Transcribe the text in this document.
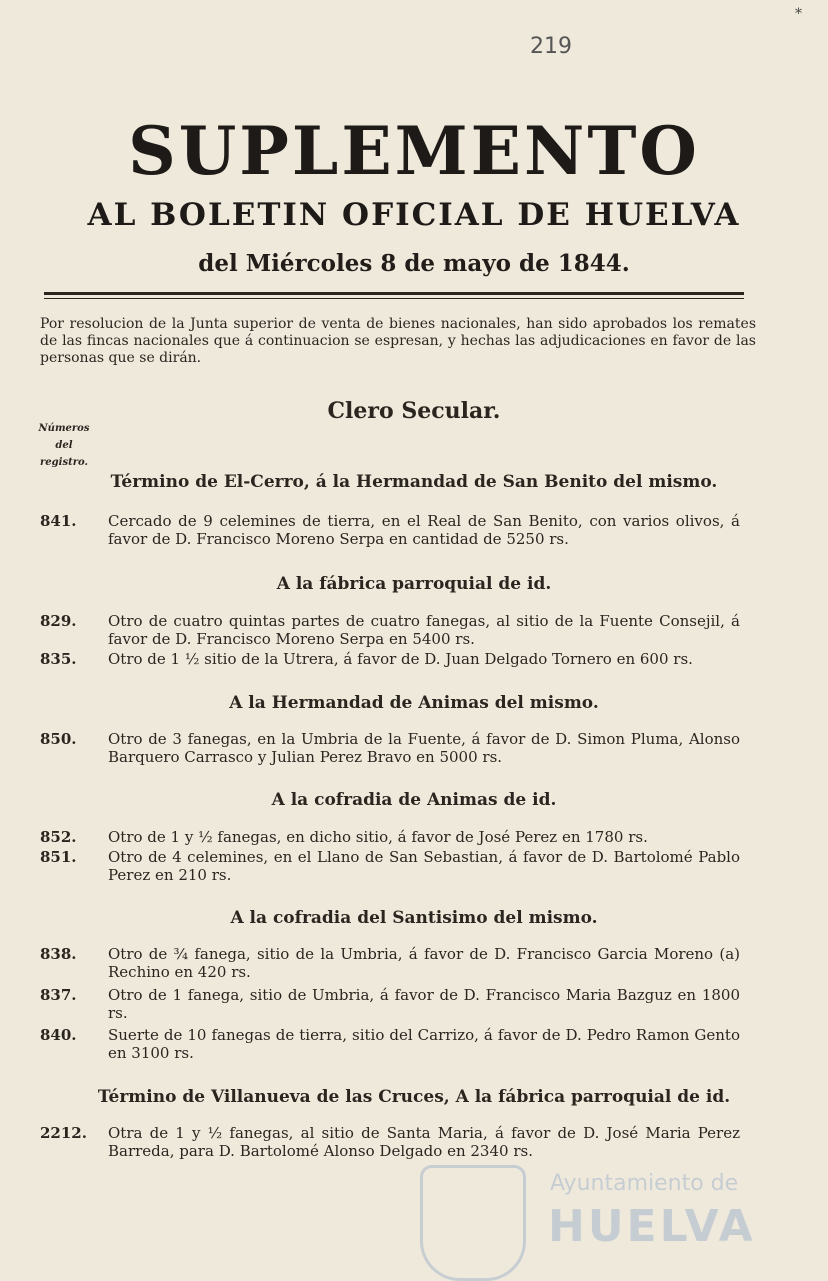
*
219
SUPLEMENTO
AL BOLETIN OFICIAL DE HUELVA
del Miércoles 8 de mayo de 1844.
Por resolucion de la Junta superior de venta de bienes nacionales, han sido aprobados los remates de las fincas nacionales que á continuacion se espresan, y hechas las adjudicaciones en favor de las personas que se dirán.
Clero Secular.
Números
del
registro.
Término de El-Cerro, á la Hermandad de San Benito del mismo.
841.	Cercado de 9 celemines de tierra, en el Real de San Benito, con varios olivos, á favor de D. Francisco Moreno Serpa en cantidad de 5250 rs.
A la fábrica parroquial de id.
829.	Otro de cuatro quintas partes de cuatro fanegas, al sitio de la Fuente Consejil, á favor de D. Francisco Moreno Serpa en 5400 rs.
835.	Otro de 1 ½ sitio de la Utrera, á favor de D. Juan Delgado Tornero en 600 rs.
A la Hermandad de Animas del mismo.
850.	Otro de 3 fanegas, en la Umbria de la Fuente, á favor de D. Simon Pluma, Alonso Barquero Carrasco y Julian Perez Bravo en 5000 rs.
A la cofradia de Animas de id.
852.	Otro de 1 y ½ fanegas, en dicho sitio, á favor de José Perez en 1780 rs.
851.	Otro de 4 celemines, en el Llano de San Sebastian, á favor de D. Bartolomé Pablo Perez en 210 rs.
A la cofradia del Santisimo del mismo.
838.	Otro de ¾ fanega, sitio de la Umbria, á favor de D. Francisco Garcia Moreno (a) Rechino en 420 rs.
837.	Otro de 1 fanega, sitio de Umbria, á favor de D. Francisco Maria Bazguz en 1800 rs.
840.	Suerte de 10 fanegas de tierra, sitio del Carrizo, á favor de D. Pedro Ramon Gento en 3100 rs.
Término de Villanueva de las Cruces, A la fábrica parroquial de id.
2212.	Otra de 1 y ½ fanegas, al sitio de Santa Maria, á favor de D. José Maria Perez Barreda, para D. Bartolomé Alonso Delgado en 2340 rs.
Ayuntamiento de
HUELVA
